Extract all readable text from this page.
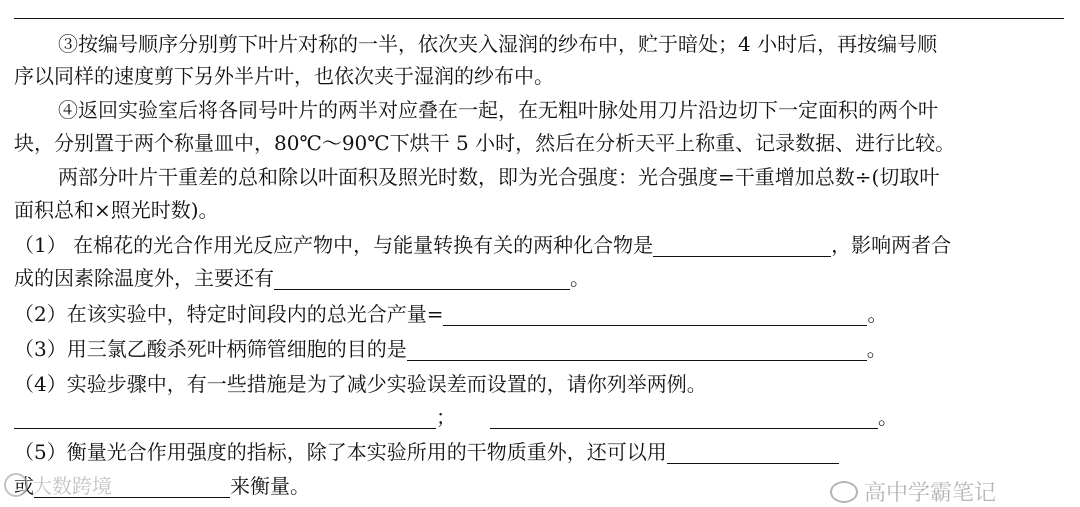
③按编号顺序分别剪下叶片对称的一半，依次夹入湿润的纱布中，贮于暗处；4 小时后，再按编号顺
序以同样的速度剪下另外半片叶，也依次夹于湿润的纱布中。
④返回实验室后将各同号叶片的两半对应叠在一起，在无粗叶脉处用刀片沿边切下一定面积的两个叶
块，分别置于两个称量皿中，80℃～90℃下烘干 5 小时，然后在分析天平上称重、记录数据、进行比较。
两部分叶片干重差的总和除以叶面积及照光时数，即为光合强度：光合强度=干重增加总数÷(切取叶
面积总和×照光时数)。
（1） 在棉花的光合作用光反应产物中，与能量转换有关的两种化合物是	，影响两者合
成的因素除温度外，主要还有	。
（2）在该实验中，特定时间段内的总光合产量=	。
（3）用三氯乙酸杀死叶柄筛管细胞的目的是	。
（4）实验步骤中，有一些措施是为了减少实验误差而设置的，请你列举两例。
；	。
（5）衡量光合作用强度的指标，除了本实验所用的干物质重外，还可以用
或	来衡量。
大数跨境	高中学霸笔记
